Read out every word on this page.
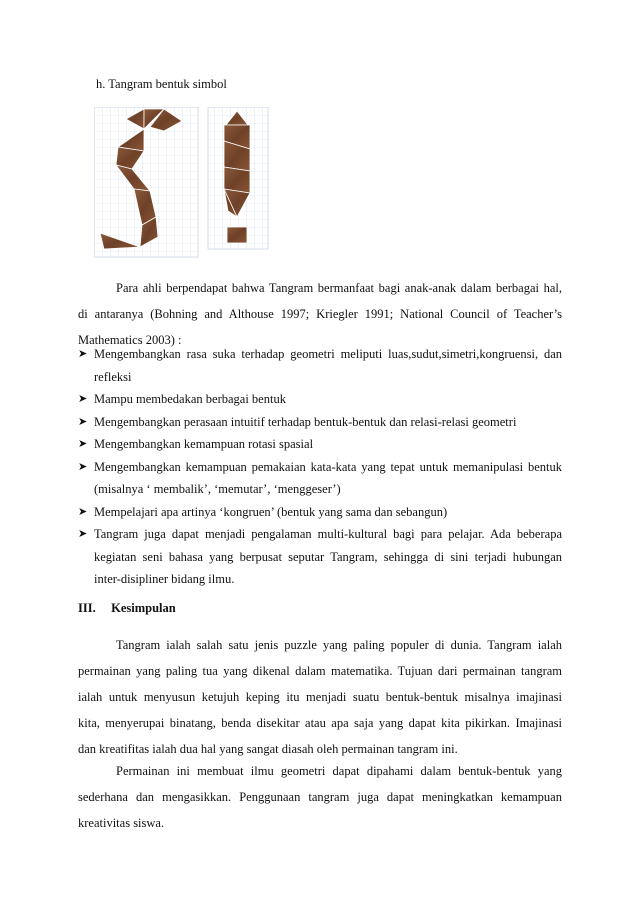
h. Tangram bentuk simbol
Para ahli berpendapat bahwa Tangram bermanfaat bagi anak-anak dalam berbagai hal,
di antaranya (Bohning and Althouse 1997; Kriegler 1991; National Council of Teacher’s
Mathematics 2003) :
➤ Mengembangkan rasa suka terhadap geometri meliputi luas,sudut,simetri,kongruensi, dan
refleksi
➤ Mampu membedakan berbagai bentuk
➤ Mengembangkan perasaan intuitif terhadap bentuk-bentuk dan relasi-relasi geometri
➤ Mengembangkan kemampuan rotasi spasial
➤ Mengembangkan kemampuan pemakaian kata-kata yang tepat untuk memanipulasi bentuk
(misalnya ‘ membalik’, ‘memutar’, ‘menggeser’)
➤ Mempelajari apa artinya ‘kongruen’ (bentuk yang sama dan sebangun)
➤ Tangram juga dapat menjadi pengalaman multi-kultural bagi para pelajar. Ada beberapa
kegiatan seni bahasa yang berpusat seputar Tangram, sehingga di sini terjadi hubungan
inter-disipliner bidang ilmu.
III. Kesimpulan
Tangram ialah salah satu jenis puzzle yang paling populer di dunia. Tangram ialah
permainan yang paling tua yang dikenal dalam matematika. Tujuan dari permainan tangram
ialah untuk menyusun ketujuh keping itu menjadi suatu bentuk-bentuk misalnya imajinasi
kita, menyerupai binatang, benda disekitar atau apa saja yang dapat kita pikirkan. Imajinasi
dan kreatifitas ialah dua hal yang sangat diasah oleh permainan tangram ini.
Permainan ini membuat ilmu geometri dapat dipahami dalam bentuk-bentuk yang
sederhana dan mengasikkan. Penggunaan tangram juga dapat meningkatkan kemampuan
kreativitas siswa.
